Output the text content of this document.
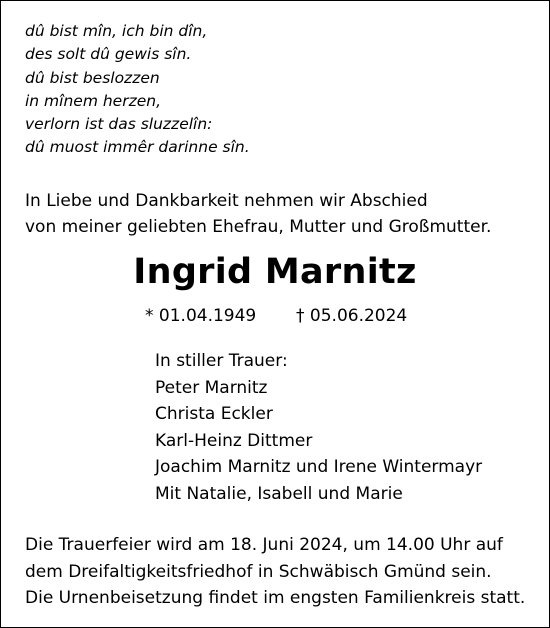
dû bist mîn, ich bin dîn,
des solt dû gewis sîn.
dû bist beslozzen
in mînem herzen,
verlorn ist das sluzzelîn:
dû muost immêr darinne sîn.
In Liebe und Dankbarkeit nehmen wir Abschied
von meiner geliebten Ehefrau, Mutter und Großmutter.
Ingrid Marnitz
* 01.04.1949 † 05.06.2024
In stiller Trauer:
Peter Marnitz
Christa Eckler
Karl-Heinz Dittmer
Joachim Marnitz und Irene Wintermayr
Mit Natalie, Isabell und Marie
Die Trauerfeier wird am 18. Juni 2024, um 14.00 Uhr auf
dem Dreifaltigkeitsfriedhof in Schwäbisch Gmünd sein.
Die Urnenbeisetzung findet im engsten Familienkreis statt.
